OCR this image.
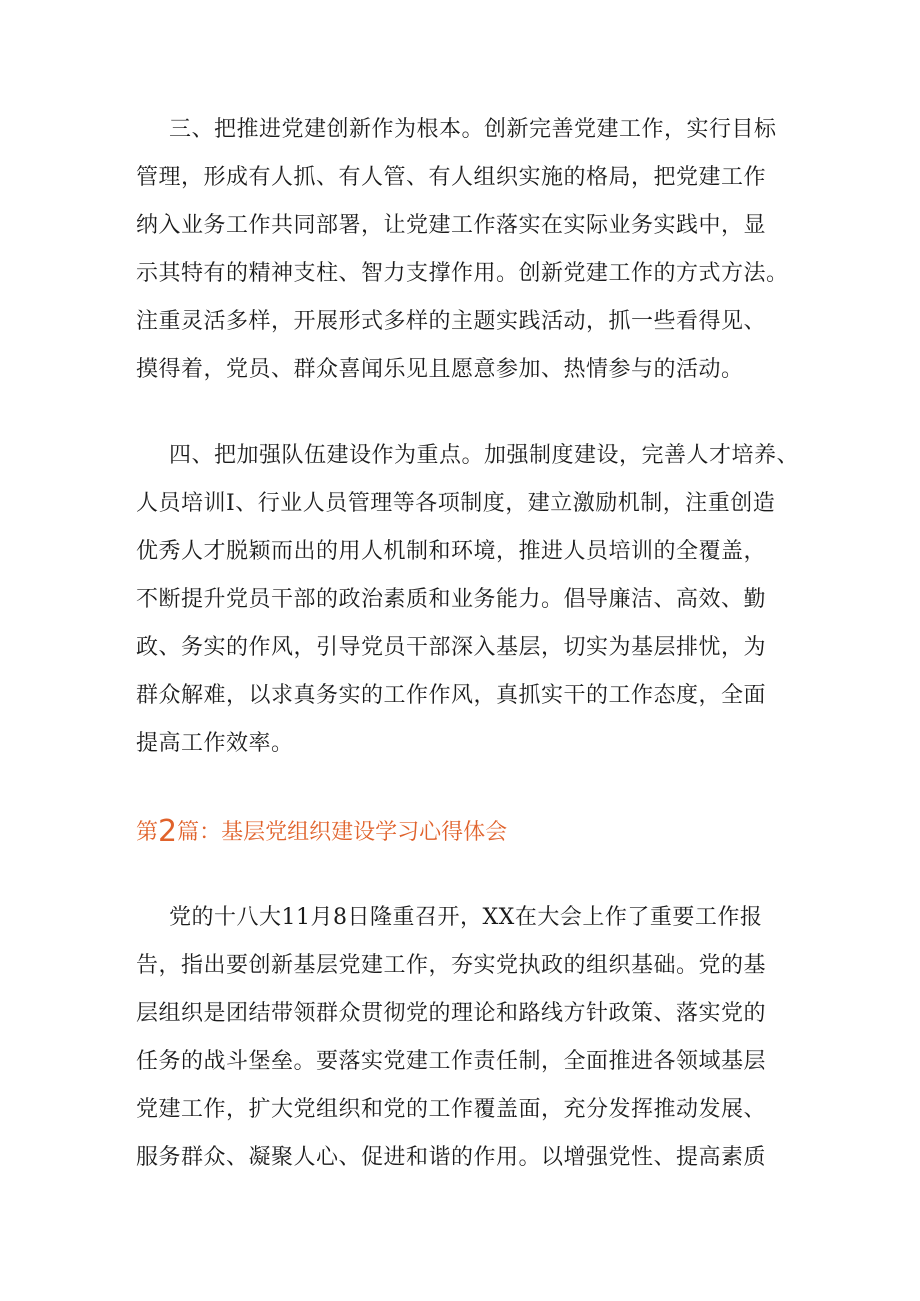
三、把推进党建创新作为根本。创新完善党建工作，实行目标
管理，形成有人抓、有人管、有人组织实施的格局，把党建工作
纳入业务工作共同部署，让党建工作落实在实际业务实践中，显
示其特有的精神支柱、智力支撑作用。创新党建工作的方式方法。
注重灵活多样，开展形式多样的主题实践活动，抓一些看得见、
摸得着，党员、群众喜闻乐见且愿意参加、热情参与的活动。
四、把加强队伍建设作为重点。加强制度建设，完善人才培养、
人员培训I、行业人员管理等各项制度，建立激励机制，注重创造
优秀人才脱颖而出的用人机制和环境，推进人员培训的全覆盖，
不断提升党员干部的政治素质和业务能力。倡导廉洁、高效、勤
政、务实的作风，引导党员干部深入基层，切实为基层排忧，为
群众解难，以求真务实的工作作风，真抓实干的工作态度，全面
提高工作效率。
第2篇：基层党组织建设学习心得体会
党的十八大11月8日隆重召开，XX在大会上作了重要工作报
告，指出要创新基层党建工作，夯实党执政的组织基础。党的基
层组织是团结带领群众贯彻党的理论和路线方针政策、落实党的
任务的战斗堡垒。要落实党建工作责任制，全面推进各领域基层
党建工作，扩大党组织和党的工作覆盖面，充分发挥推动发展、
服务群众、凝聚人心、促进和谐的作用。以增强党性、提高素质
